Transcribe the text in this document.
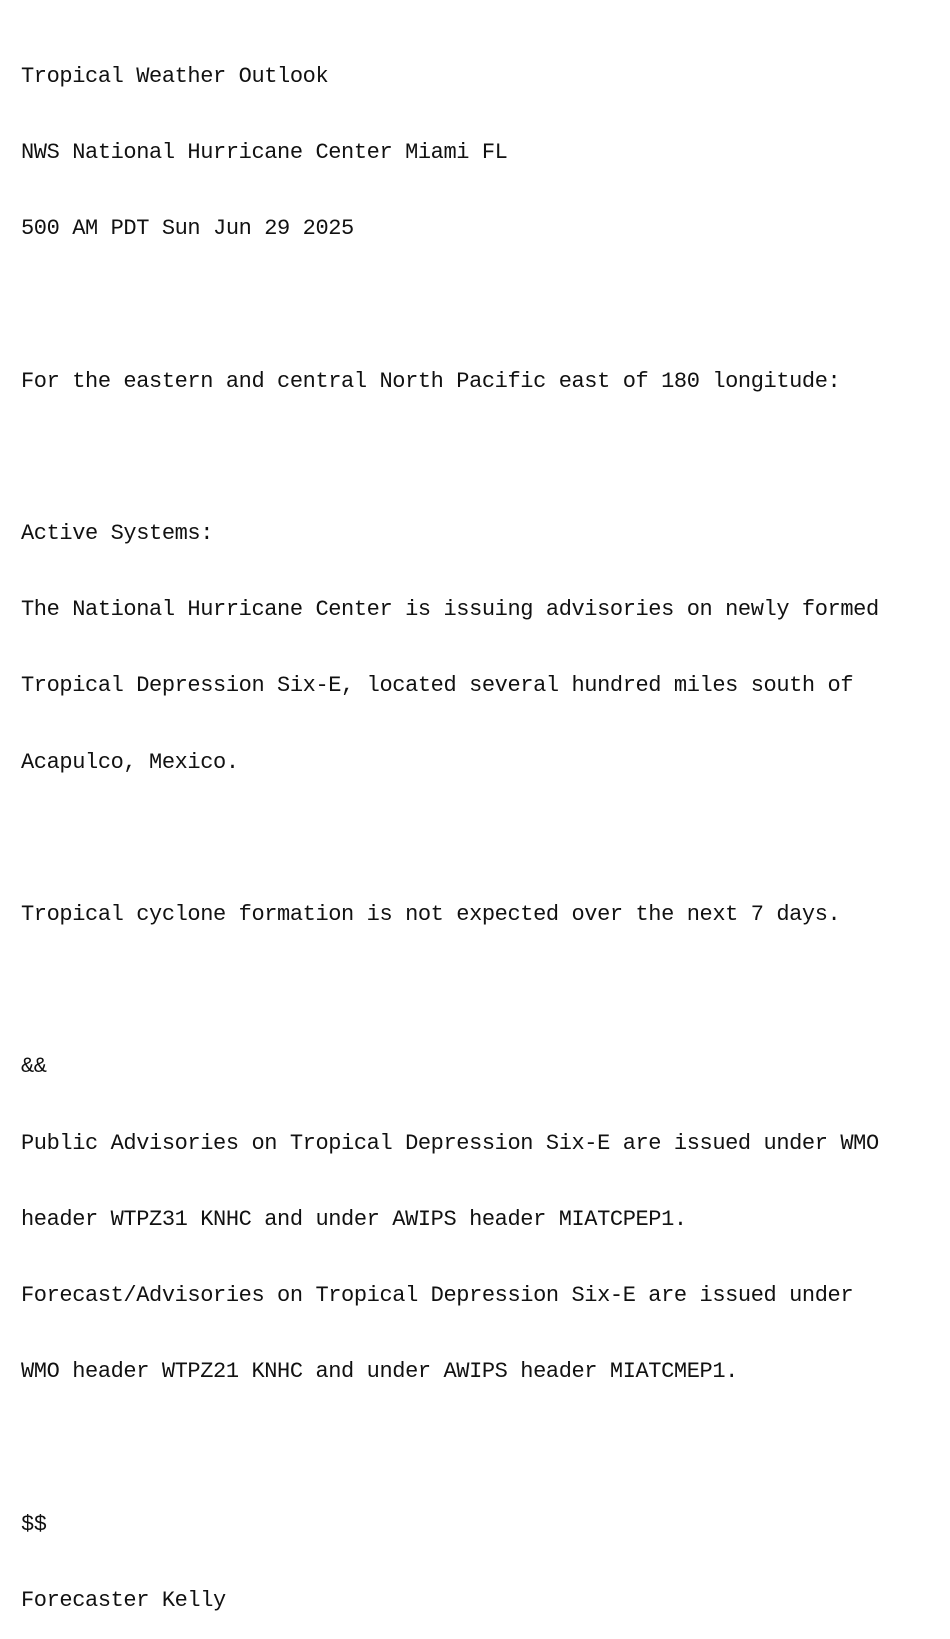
Tropical Weather Outlook

NWS National Hurricane Center Miami FL

500 AM PDT Sun Jun 29 2025

For the eastern and central North Pacific east of 180 longitude:

Active Systems:

The National Hurricane Center is issuing advisories on newly formed

Tropical Depression Six-E, located several hundred miles south of

Acapulco, Mexico.

Tropical cyclone formation is not expected over the next 7 days.

&&

Public Advisories on Tropical Depression Six-E are issued under WMO

header WTPZ31 KNHC and under AWIPS header MIATCPEP1.

Forecast/Advisories on Tropical Depression Six-E are issued under

WMO header WTPZ21 KNHC and under AWIPS header MIATCMEP1.

$$

Forecaster Kelly
